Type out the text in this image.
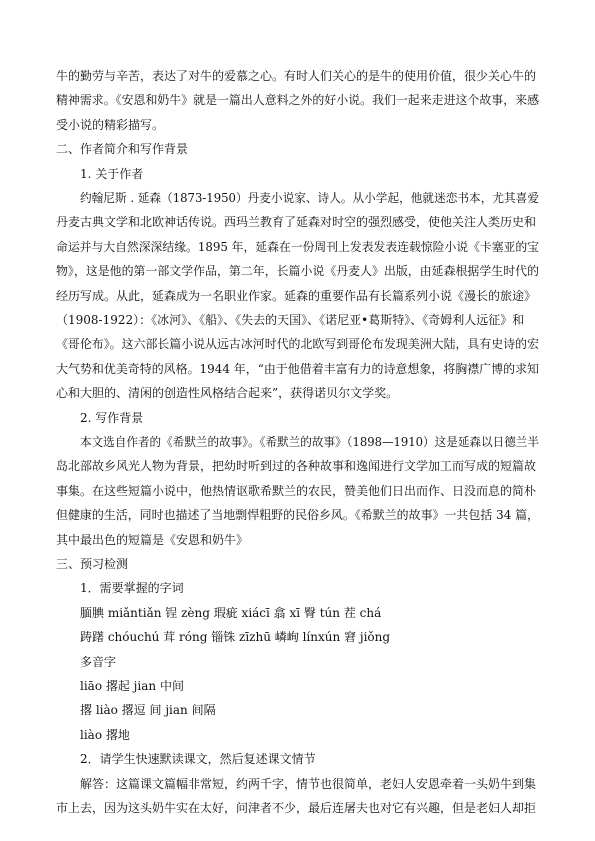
牛的勤劳与辛苦，表达了对牛的爱慕之心。有时人们关心的是牛的使用价值，很少关心牛的
精神需求。《安恩和奶牛》就是一篇出人意料之外的好小说。我们一起来走进这个故事，来感
受小说的精彩描写。
二、作者简介和写作背景
1. 关于作者
约翰尼斯 . 延森（1873-1950）丹麦小说家、诗人。从小学起，他就迷恋书本，尤其喜爱
丹麦古典文学和北欧神话传说。西玛兰教育了延森对时空的强烈感受，使他关注人类历史和
命运并与大自然深深结缘。1895 年，延森在一份周刊上发表发表连载惊险小说《卡塞亚的宝
物》，这是他的第一部文学作品，第二年，长篇小说《丹麦人》出版，由延森根据学生时代的
经历写成。从此，延森成为一名职业作家。延森的重要作品有长篇系列小说《漫长的旅途》
（1908-1922）：《冰河》、《船》、《失去的天国》、《诺尼亚•葛斯特》、《奇姆利人远征》和
《哥伦布》。这六部长篇小说从远古冰河时代的北欧写到哥伦布发现美洲大陆，具有史诗的宏
大气势和优美奇特的风格。1944 年，“由于他借着丰富有力的诗意想象，将胸襟广博的求知
心和大胆的、清闲的创造性风格结合起来”，获得诺贝尔文学奖。
2. 写作背景
本文选自作者的《希默兰的故事》。《希默兰的故事》（1898—1910）这是延森以日德兰半
岛北部故乡风光人物为背景，把幼时听到过的各种故事和逸闻进行文学加工而写成的短篇故
事集。在这些短篇小说中，他热情讴歌希默兰的农民，赞美他们日出而作、日没而息的简朴
但健康的生活，同时也描述了当地剽悍粗野的民俗乡风。《希默兰的故事》一共包括 34 篇，
其中最出色的短篇是《安恩和奶牛》
三、预习检测
1．需要掌握的字词
腼腆 miǎntiǎn 锃 zèng 瑕疵 xiácī 翕 xī 臀 tún 茬 chá
踌躇 chóuchú 茸 róng 锱铢 zīzhū 嶙峋 línxún 窘 jiǒng
多音字
liāo 撂起 jian 中间
撂 liào 撂逗 间 jian 间隔
liào 撂地
2．请学生快速默读课文，然后复述课文情节
解答：这篇课文篇幅非常短，约两千字，情节也很简单，老妇人安恩牵着一头奶牛到集
市上去，因为这头奶牛实在太好，问津者不少，最后连屠夫也对它有兴趣，但是老妇人却拒
